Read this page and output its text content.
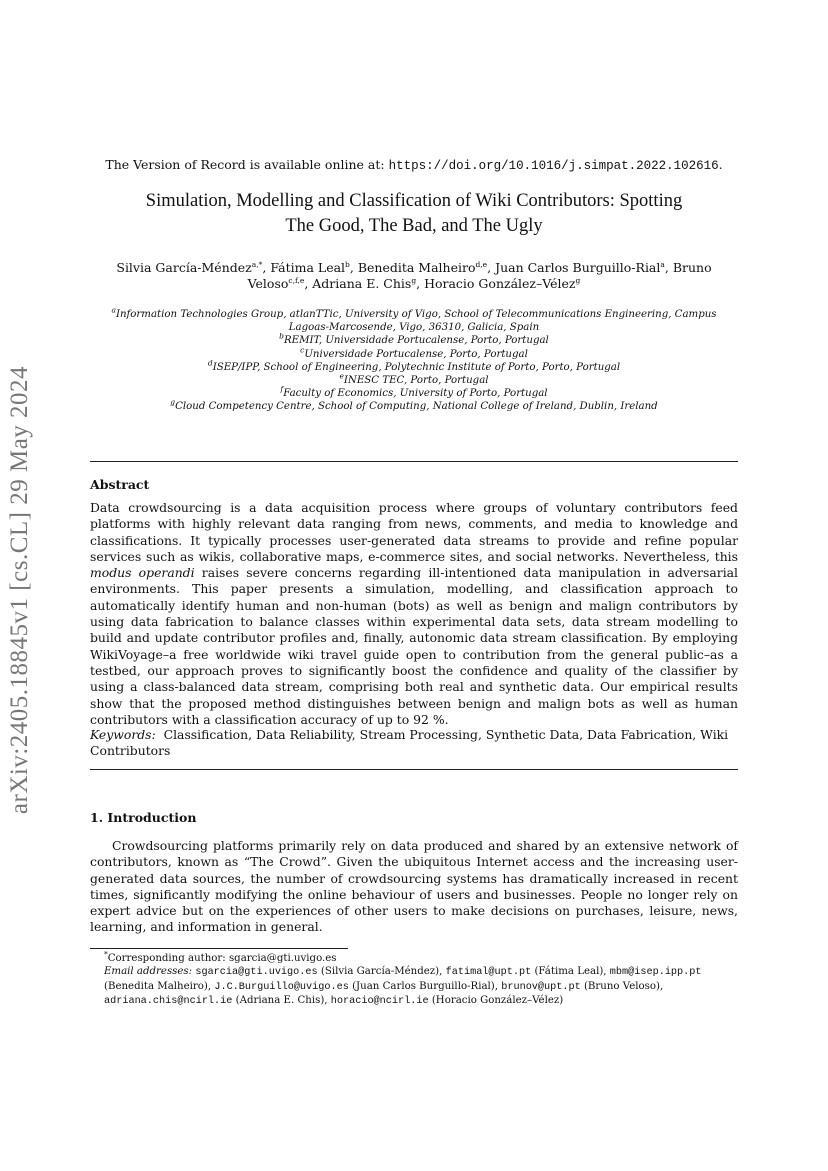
arXiv:2405.18845v1 [cs.CL] 29 May 2024
The Version of Record is available online at: https://doi.org/10.1016/j.simpat.2022.102616.
Simulation, Modelling and Classification of Wiki Contributors: Spotting
The Good, The Bad, and The Ugly
Silvia García-Méndez$^{a,*}$, Fátima Leal$^b$, Benedita Malheiro$^{d,e}$, Juan Carlos Burguillo-Rial$^a$, Bruno Veloso$^{c,f,e}$, Adriana E. Chis$^g$, Horacio González–Vélez$^g$
$^a$Information Technologies Group, atlanTTic, University of Vigo, School of Telecommunications Engineering, Campus
Lagoas-Marcosende, Vigo, 36310, Galicia, Spain
$^b$REMIT, Universidade Portucalense, Porto, Portugal
$^c$Universidade Portucalense, Porto, Portugal
$^d$ISEP/IPP, School of Engineering, Polytechnic Institute of Porto, Porto, Portugal
$^e$INESC TEC, Porto, Portugal
$^f$Faculty of Economics, University of Porto, Portugal
$^g$Cloud Competency Centre, School of Computing, National College of Ireland, Dublin, Ireland
Abstract
Data crowdsourcing is a data acquisition process where groups of voluntary contributors feed platforms with highly relevant data ranging from news, comments, and media to knowledge and classifications. It typically processes user-generated data streams to provide and refine popular services such as wikis, collaborative maps, e-commerce sites, and social networks. Nevertheless, this modus operandi raises severe concerns regarding ill-intentioned data manipulation in adversarial environments. This paper presents a simulation, modelling, and classification approach to automatically identify human and non-human (bots) as well as benign and malign contributors by using data fabrication to balance classes within experimental data sets, data stream modelling to build and update contributor profiles and, finally, autonomic data stream classification. By employing WikiVoyage–a free worldwide wiki travel guide open to contribution from the general public–as a testbed, our approach proves to significantly boost the confidence and quality of the classifier by using a class-balanced data stream, comprising both real and synthetic data. Our empirical results show that the proposed method distinguishes between benign and malign bots as well as human contributors with a classification accuracy of up to 92 %.
Keywords: Classification, Data Reliability, Stream Processing, Synthetic Data, Data Fabrication, Wiki Contributors
1. Introduction
Crowdsourcing platforms primarily rely on data produced and shared by an extensive network of contributors, known as “The Crowd”. Given the ubiquitous Internet access and the increasing user-generated data sources, the number of crowdsourcing systems has dramatically increased in recent times, significantly modifying the online behaviour of users and businesses. People no longer rely on expert advice but on the experiences of other users to make decisions on purchases, leisure, news, learning, and information in general.
*Corresponding author: sgarcia@gti.uvigo.es
Email addresses: sgarcia@gti.uvigo.es (Silvia García-Méndez), fatimal@upt.pt (Fátima Leal), mbm@isep.ipp.pt (Benedita Malheiro), J.C.Burguillo@uvigo.es (Juan Carlos Burguillo-Rial), brunov@upt.pt (Bruno Veloso), adriana.chis@ncirl.ie (Adriana E. Chis), horacio@ncirl.ie (Horacio González–Vélez)
